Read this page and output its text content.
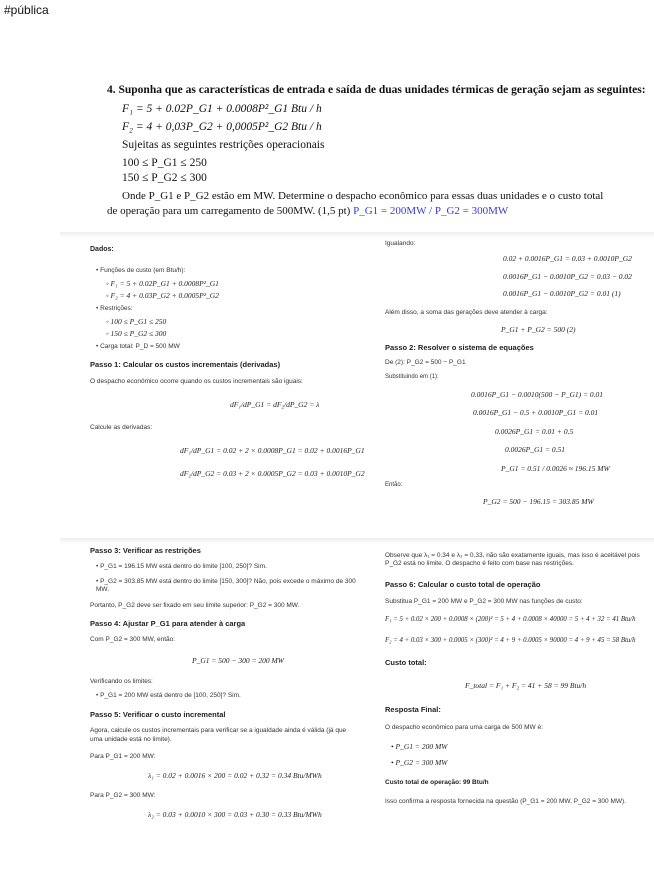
#pública
4. Suponha que as características de entrada e saída de duas unidades térmicas de geração sejam as seguintes:
F₁ = 5 + 0.02P_G1 + 0.0008P²_G1 Btu / h
F₂ = 4 + 0,03P_G2 + 0,0005P²_G2 Btu / h
Sujeitas as seguintes restrições operacionais
100 ≤ P_G1 ≤ 250
150 ≤ P_G2 ≤ 300
Onde P_G1 e P_G2 estão em MW. Determine o despacho econômico para essas duas unidades e o custo total
de operação para um carregamento de 500MW. (1,5 pt) P_G1 = 200MW / P_G2 = 300MW
Dados:
• Funções de custo (em Btu/h):
◦ F₁ = 5 + 0.02P_G1 + 0.0008P²_G1
◦ F₂ = 4 + 0.03P_G2 + 0.0005P²_G2
• Restrições:
◦ 100 ≤ P_G1 ≤ 250
◦ 150 ≤ P_G2 ≤ 300
• Carga total: P_D = 500 MW
Passo 1: Calcular os custos incrementais (derivadas)
O despacho econômico ocorre quando os custos incrementais são iguais:
dF₁/dP_G1 = dF₂/dP_G2 = λ
Calcule as derivadas:
dF₁/dP_G1 = 0.02 + 2 × 0.0008P_G1 = 0.02 + 0.0016P_G1
dF₂/dP_G2 = 0.03 + 2 × 0.0005P_G2 = 0.03 + 0.0010P_G2
Igualando:
0.02 + 0.0016P_G1 = 0.03 + 0.0010P_G2
0.0016P_G1 − 0.0010P_G2 = 0.03 − 0.02
0.0016P_G1 − 0.0010P_G2 = 0.01 (1)
Além disso, a soma das gerações deve atender à carga:
P_G1 + P_G2 = 500 (2)
Passo 2: Resolver o sistema de equações
De (2): P_G2 = 500 − P_G1
Substituindo em (1):
0.0016P_G1 − 0.0010(500 − P_G1) = 0.01
0.0016P_G1 − 0.5 + 0.0010P_G1 = 0.01
0.0026P_G1 = 0.01 + 0.5
0.0026P_G1 = 0.51
P_G1 = 0.51 / 0.0026 ≈ 196.15 MW
Então:
P_G2 = 500 − 196.15 = 303.85 MW
Passo 3: Verificar as restrições
• P_G1 = 196.15 MW está dentro do limite [100, 250]? Sim.
• P_G2 = 303.85 MW está dentro do limite [150, 300]? Não, pois excede o máximo de 300 MW.
Portanto, P_G2 deve ser fixado em seu limite superior: P_G2 = 300 MW.
Passo 4: Ajustar P_G1 para atender à carga
Com P_G2 = 300 MW, então:
P_G1 = 500 − 300 = 200 MW
Verificando os limites:
• P_G1 = 200 MW está dentro de [100, 250]? Sim.
Passo 5: Verificar o custo incremental
Agora, calcule os custos incrementais para verificar se a igualdade ainda é válida (já que uma unidade está no limite).
Para P_G1 = 200 MW:
λ₁ = 0.02 + 0.0016 × 200 = 0.02 + 0.32 = 0.34 Btu/MWh
Para P_G2 = 300 MW:
λ₂ = 0.03 + 0.0010 × 300 = 0.03 + 0.30 = 0.33 Btu/MWh
Observe que λ₁ = 0.34 e λ₂ = 0.33, não são exatamente iguais, mas isso é aceitável pois P_G2 está no limite. O despacho é feito com base nas restrições.
Passo 6: Calcular o custo total de operação
Substitua P_G1 = 200 MW e P_G2 = 300 MW nas funções de custo:
F₁ = 5 + 0.02 × 200 + 0.0008 × (200)² = 5 + 4 + 0.0008 × 40000 = 5 + 4 + 32 = 41 Btu/h
F₂ = 4 + 0.03 × 300 + 0.0005 × (300)² = 4 + 9 + 0.0005 × 90000 = 4 + 9 + 45 = 58 Btu/h
Custo total:
F_total = F₁ + F₂ = 41 + 58 = 99 Btu/h
Resposta Final:
O despacho econômico para uma carga de 500 MW é:
• P_G1 = 200 MW
• P_G2 = 300 MW
Custo total de operação: 99 Btu/h
Isso confirma a resposta fornecida na questão (P_G1 = 200 MW, P_G2 = 300 MW).
